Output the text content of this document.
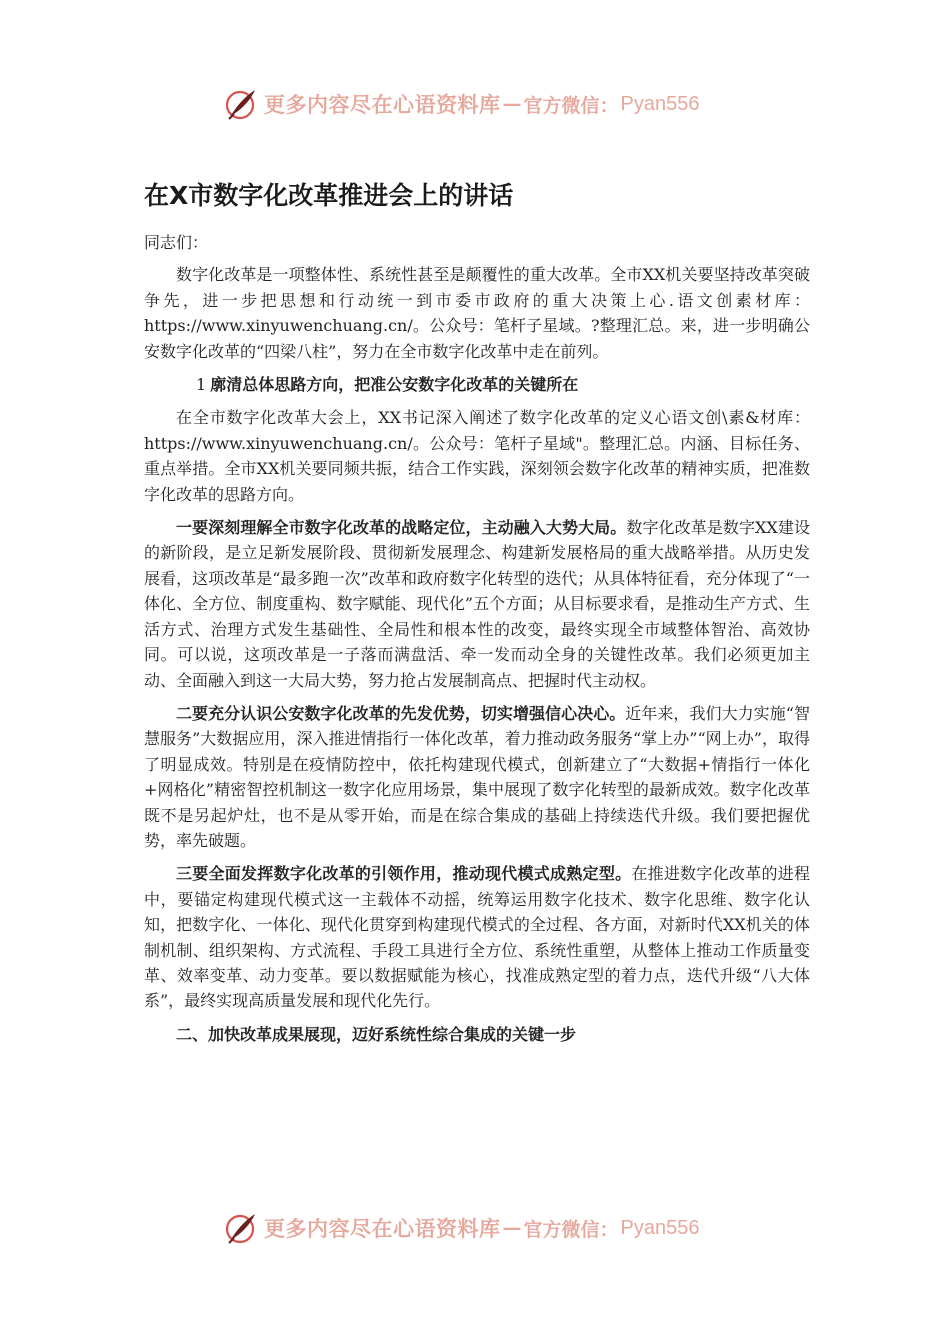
更多内容尽在心语资料库 — 官方微信： Pyan556
在X市数字化改革推进会上的讲话

同志们：

数字化改革是一项整体性、系统性甚至是颠覆性的重大改革。全市XX机关要坚持改革突破争先，进一步把思想和行动统一到市委市政府的重大决策上心.语文创素材库：https://www.xinyuwenchuang.cn/。公众号：笔杆子星域。?整理汇总。来，进一步明确公安数字化改革的“四梁八柱”，努力在全市数字化改革中走在前列。

1 廓清总体思路方向，把准公安数字化改革的关键所在

在全市数字化改革大会上，XX书记深入阐述了数字化改革的定义心语文创\素&材库：https://www.xinyuwenchuang.cn/。公众号：笔杆子星域"。整理汇总。内涵、目标任务、重点举措。全市XX机关要同频共振，结合工作实践，深刻领会数字化改革的精神实质，把准数字化改革的思路方向。

一要深刻理解全市数字化改革的战略定位，主动融入大势大局。数字化改革是数字XX建设的新阶段，是立足新发展阶段、贯彻新发展理念、构建新发展格局的重大战略举措。从历史发展看，这项改革是“最多跑一次”改革和政府数字化转型的迭代；从具体特征看，充分体现了“一体化、全方位、制度重构、数字赋能、现代化”五个方面；从目标要求看，是推动生产方式、生活方式、治理方式发生基础性、全局性和根本性的改变，最终实现全市域整体智治、高效协同。可以说，这项改革是一子落而满盘活、牵一发而动全身的关键性改革。我们必须更加主动、全面融入到这一大局大势，努力抢占发展制高点、把握时代主动权。

二要充分认识公安数字化改革的先发优势，切实增强信心决心。近年来，我们大力实施“智慧服务”大数据应用，深入推进情指行一体化改革，着力推动政务服务“掌上办”“网上办”，取得了明显成效。特别是在疫情防控中，依托构建现代模式，创新建立了“大数据+情指行一体化+网格化”精密智控机制这一数字化应用场景，集中展现了数字化转型的最新成效。数字化改革既不是另起炉灶，也不是从零开始，而是在综合集成的基础上持续迭代升级。我们要把握优势，率先破题。

三要全面发挥数字化改革的引领作用，推动现代模式成熟定型。在推进数字化改革的进程中，要锚定构建现代模式这一主载体不动摇，统筹运用数字化技术、数字化思维、数字化认知，把数字化、一体化、现代化贯穿到构建现代模式的全过程、各方面，对新时代XX机关的体制机制、组织架构、方式流程、手段工具进行全方位、系统性重塑，从整体上推动工作质量变革、效率变革、动力变革。要以数据赋能为核心，找准成熟定型的着力点，迭代升级“八大体系”，最终实现高质量发展和现代化先行。

二、加快改革成果展现，迈好系统性综合集成的关键一步

更多内容尽在心语资料库 — 官方微信： Pyan556
